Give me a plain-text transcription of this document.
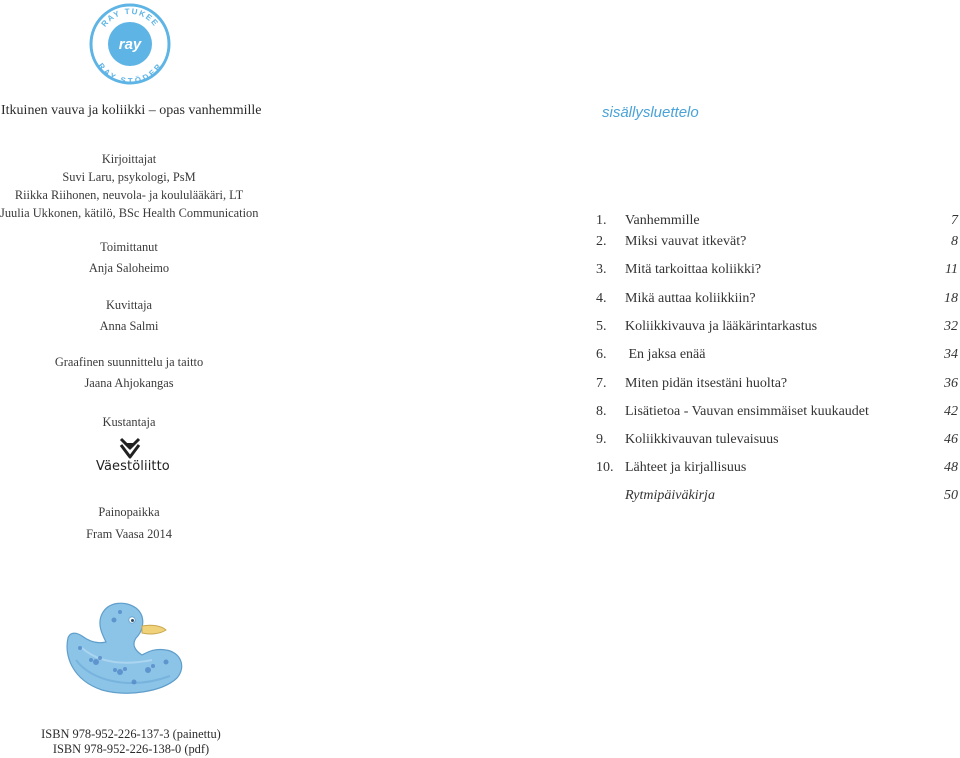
RAY TUKEE
RAY STÖDER
ray
Itkuinen vauva ja koliikki – opas vanhemmille	sisällysluettelo
Kirjoittajat
Suvi Laru, psykologi, PsM
Riikka Riihonen, neuvola- ja koululääkäri, LT
Juulia Ukkonen, kätilö, BSc Health Communication
Toimittanut
Anja Saloheimo
Kuvittaja
Anna Salmi
Graafinen suunnittelu ja taitto
Jaana Ahjokangas
Kustantaja
Väestöliitto
Painopaikka
Fram Vaasa 2014
1. Vanhemmille	7
2. Miksi vauvat itkevät?	8
3. Mitä tarkoittaa koliikki?	11
4. Mikä auttaa koliikkiin?	18
5. Koliikkivauva ja lääkärintarkastus	32
6. En jaksa enää	34
7. Miten pidän itsestäni huolta?	36
8. Lisätietoa - Vauvan ensimmäiset kuukaudet	42
9. Koliikkivauvan tulevaisuus	46
10. Lähteet ja kirjallisuus	48
Rytmipäiväkirja	50
ISBN 978-952-226-137-3 (painettu)
ISBN 978-952-226-138-0 (pdf)
